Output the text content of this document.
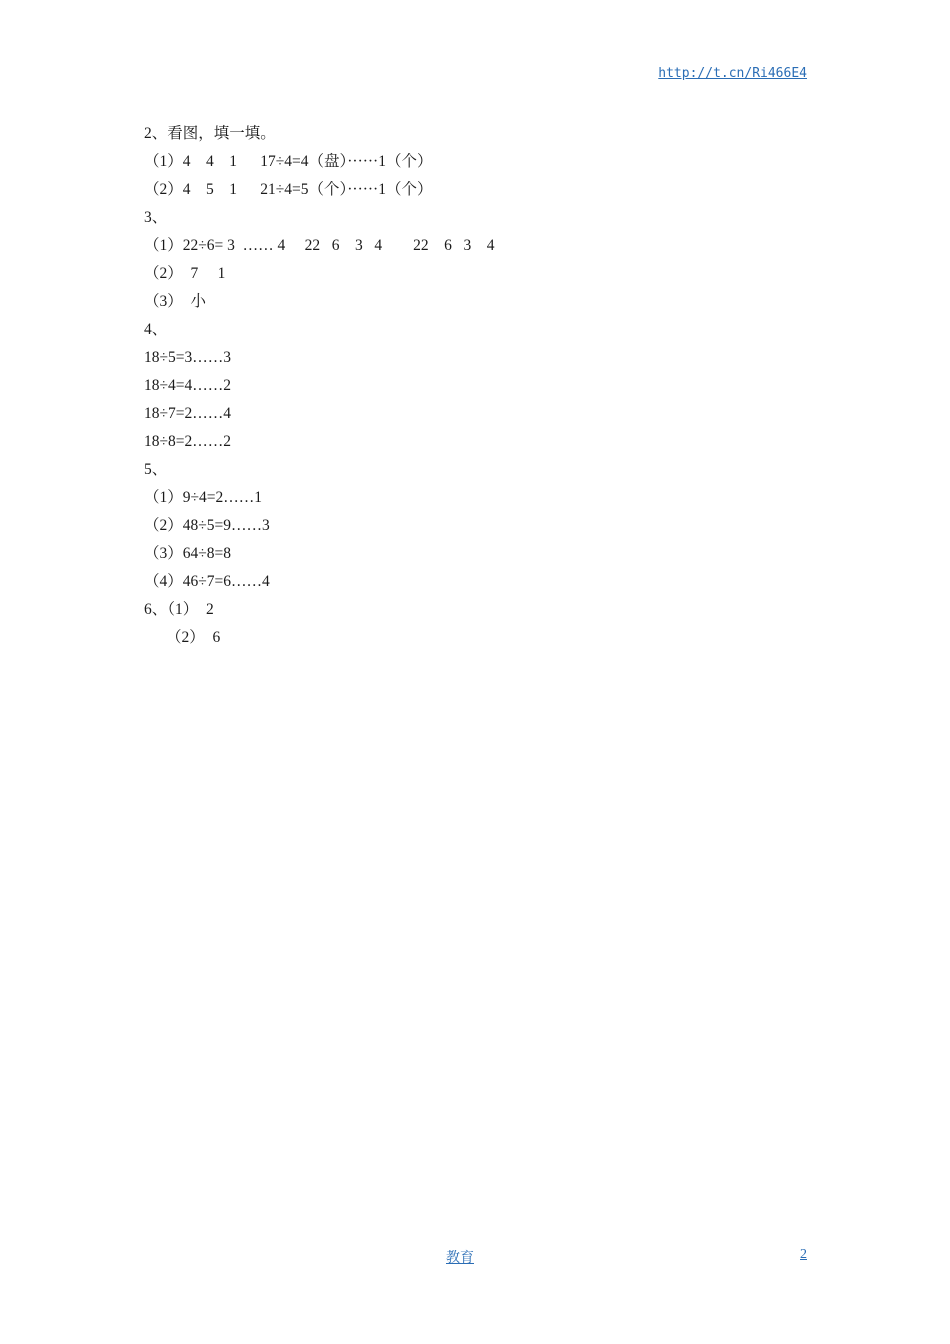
http://t.cn/Ri466E4
2、看图，填一填。
（1）4    4    1      17÷4=4（盘）······1（个）
（2）4    5    1      21÷4=5（个）······1（个）
3、
（1）22÷6= 3  …… 4     22   6    3   4        22    6   3    4
（2）  7     1
（3）  小
4、
18÷5=3……3
18÷4=4……2
18÷7=2……4
18÷8=2……2
5、
（1）9÷4=2……1
（2）48÷5=9……3
（3）64÷8=8
（4）46÷7=6……4
6、（1）  2
（2）  6
教育	2
